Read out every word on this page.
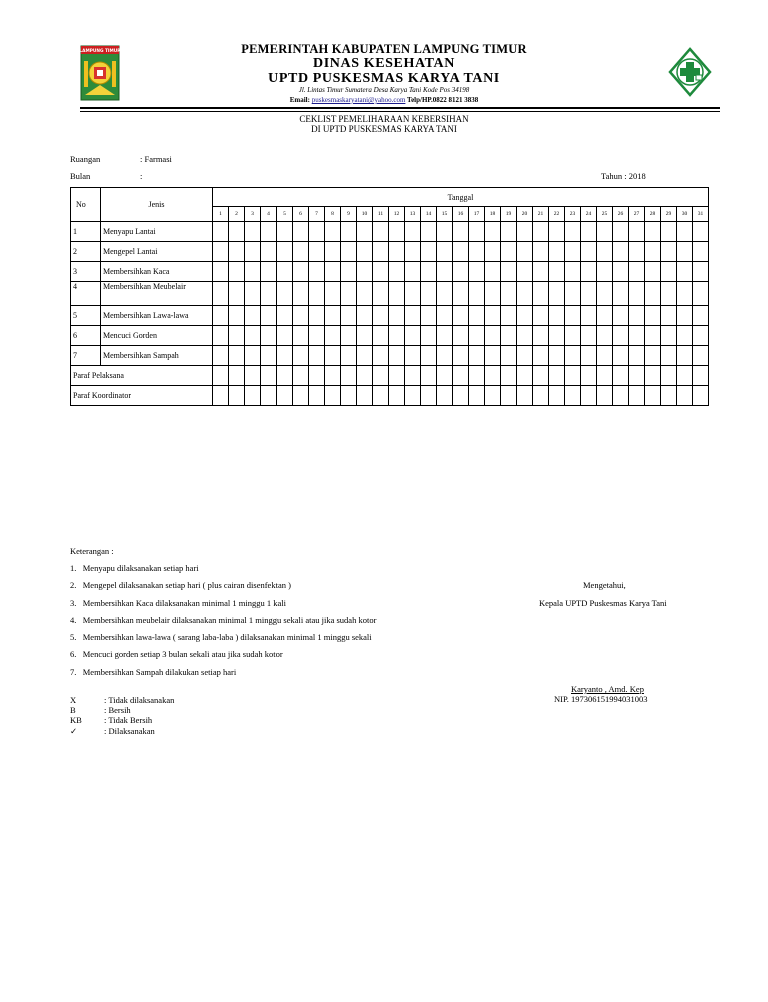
LAMPUNG TIMUR	PEMERINTAH KABUPATEN LAMPUNG TIMUR
DINAS KESEHATAN
UPTD PUSKESMAS KARYA TANI
Jl. Lintas Timur Sumatera Desa Karya Tani Kode Pos 34198
Email: puskesmaskaryatani@yahoo.com Telp/HP.0822 8121 3838
CEKLIST PEMELIHARAAN KEBERSIHAN
DI UPTD PUSKESMAS KARYA TANI
Ruangan	: Farmasi
Bulan	:	Tahun : 2018
No	Jenis	Tanggal																														
		1	2	3	4	5	6	7	8	9	10	11	12	13	14	15	16	17	18	19	20	21	22	23	24	25	26	27	28	29	30	31
1	Menyapu Lantai																															
2	Mengepel Lantai																															
3	Membersihkan Kaca																															
4	Membersihkan Meubelair																															
5	Membersihkan Lawa-lawa																															
6	Mencuci Gorden																															
7	Membersihkan Sampah																															
Paraf Pelaksana																																
Paraf Koordinator																																
Keterangan :
1.   Menyapu dilaksanakan setiap hari
2.   Mengepel dilaksanakan setiap hari ( plus cairan disenfektan )
3.   Membersihkan Kaca dilaksanakan minimal 1 minggu 1 kali
4.   Membersihkan meubelair dilaksanakan minimal 1 minggu sekali atau jika sudah kotor
5.   Membersihkan lawa-lawa ( sarang laba-laba ) dilaksanakan minimal 1 minggu sekali
6.   Mencuci gorden setiap 3 bulan sekali atau jika sudah kotor
7.   Membersihkan Sampah dilakukan setiap hari
Mengetahui,
Kepala UPTD Puskesmas Karya Tani
Karyanto , Amd. Kep
NIP. 197306151994031003
X	: Tidak dilaksanakan
B	: Bersih
KB	: Tidak Bersih
✓	: Dilaksanakan
